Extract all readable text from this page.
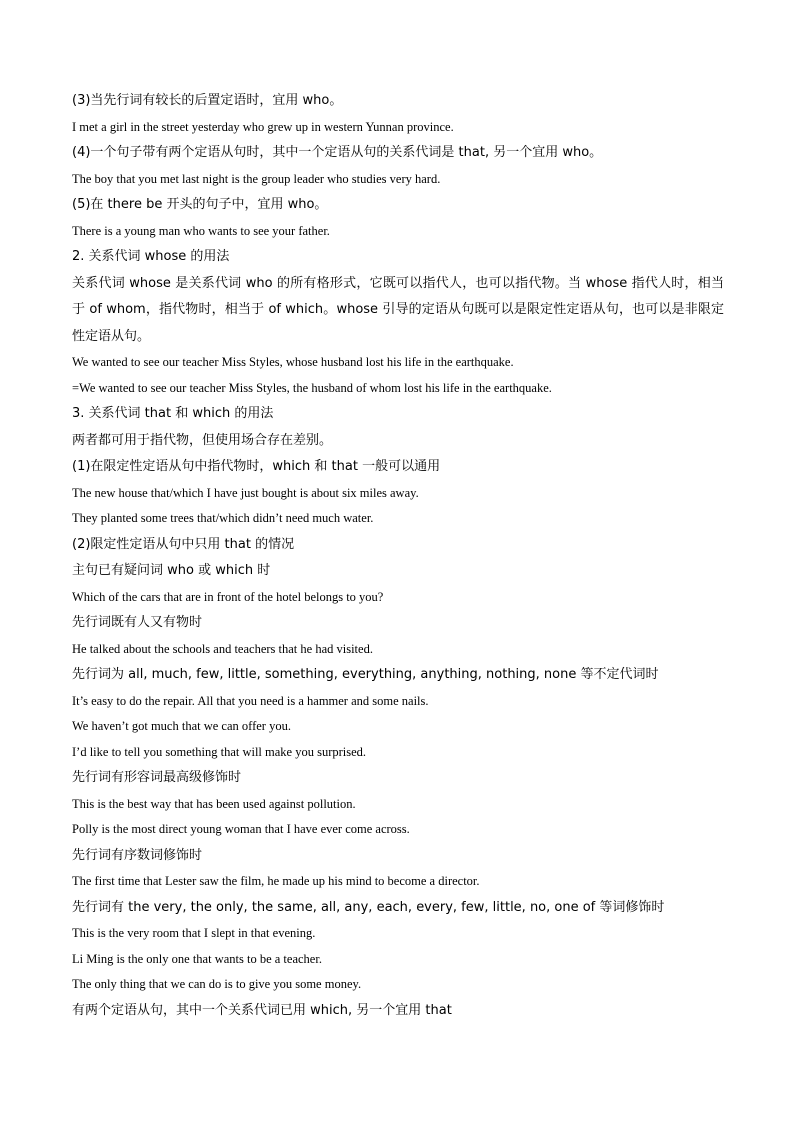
(3)当先行词有较长的后置定语时，宜用 who。
I met a girl in the street yesterday who grew up in western Yunnan province.
(4)一个句子带有两个定语从句时，其中一个定语从句的关系代词是 that, 另一个宜用 who。
The boy that you met last night is the group leader who studies very hard.
(5)在 there be 开头的句子中，宜用 who。
There is a young man who wants to see your father.
2. 关系代词 whose 的用法
关系代词 whose 是关系代词 who 的所有格形式，它既可以指代人，也可以指代物。当 whose 指代人时，相当于 of whom，指代物时，相当于 of which。whose 引导的定语从句既可以是限定性定语从句，也可以是非限定性定语从句。
We wanted to see our teacher Miss Styles, whose husband lost his life in the earthquake.
=We wanted to see our teacher Miss Styles, the husband of whom lost his life in the earthquake.
3. 关系代词 that 和 which 的用法
两者都可用于指代物，但使用场合存在差别。
(1)在限定性定语从句中指代物时，which 和 that 一般可以通用
The new house that/which I have just bought is about six miles away.
They planted some trees that/which didn’t need much water.
(2)限定性定语从句中只用 that 的情况
主句已有疑问词 who 或 which 时
Which of the cars that are in front of the hotel belongs to you?
先行词既有人又有物时
He talked about the schools and teachers that he had visited.
先行词为 all, much, few, little, something, everything, anything, nothing, none 等不定代词时
It’s easy to do the repair. All that you need is a hammer and some nails.
We haven’t got much that we can offer you.
I’d like to tell you something that will make you surprised.
先行词有形容词最高级修饰时
This is the best way that has been used against pollution.
Polly is the most direct young woman that I have ever come across.
先行词有序数词修饰时
The first time that Lester saw the film, he made up his mind to become a director.
先行词有 the very, the only, the same, all, any, each, every, few, little, no, one of 等词修饰时
This is the very room that I slept in that evening.
Li Ming is the only one that wants to be a teacher.
The only thing that we can do is to give you some money.
有两个定语从句，其中一个关系代词已用 which, 另一个宜用 that
